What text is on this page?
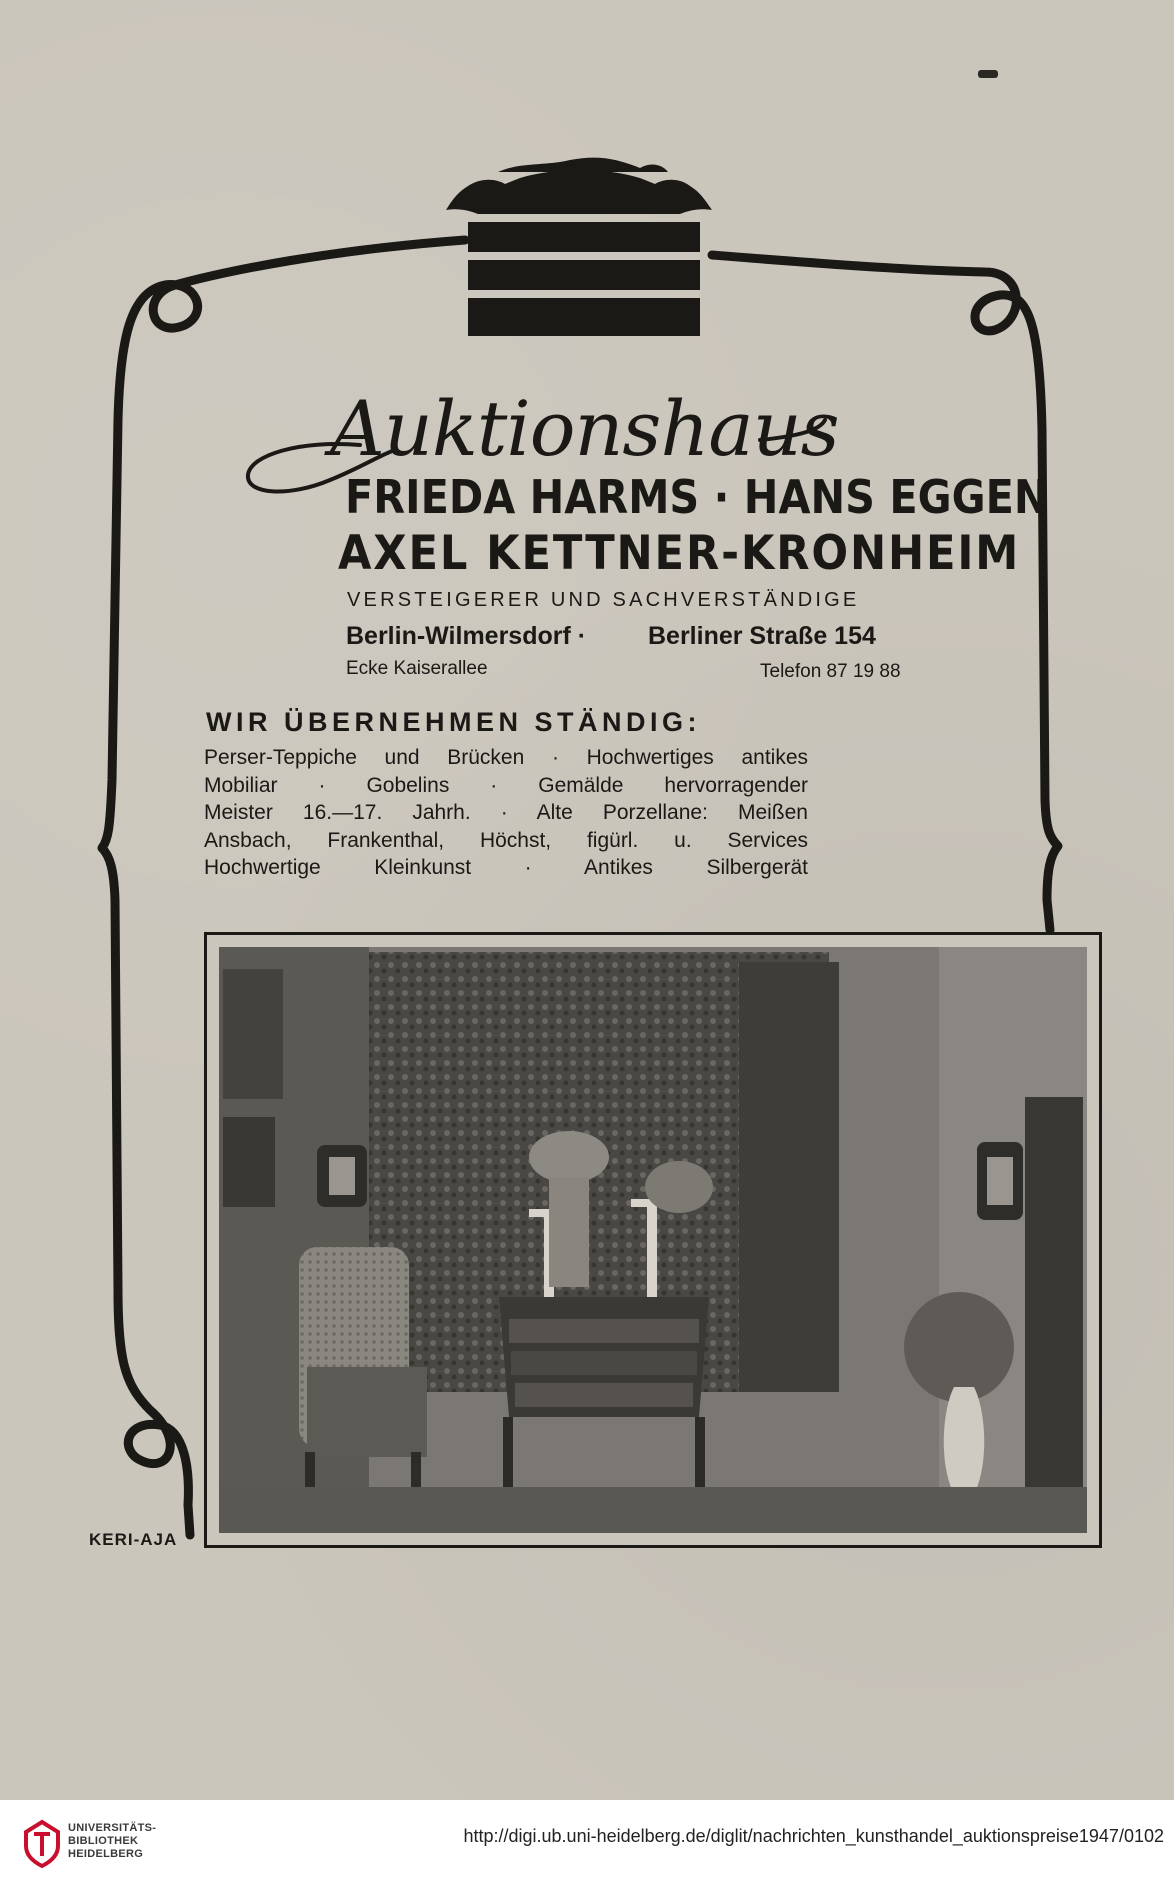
Auktionshaus
FRIEDA HARMS · HANS EGGEN
AXEL KETTNER-KRONHEIM
VERSTEIGERER UND SACHVERSTÄNDIGE
Berlin-Wilmersdorf · Berliner Straße 154
Ecke Kaiserallee	Telefon 87 19 88
WIR ÜBERNEHMEN STÄNDIG:
Perser-Teppiche und Brücken · Hochwertiges antikes
Mobiliar · Gobelins · Gemälde hervorragender
Meister 16.—17. Jahrh. · Alte Porzellane: Meißen
Ansbach, Frankenthal, Höchst, figürl. u. Services
Hochwertige Kleinkunst · Antikes Silbergerät
KERI-AJA
UNIVERSITÄTS-
BIBLIOTHEK
HEIDELBERG
http://digi.ub.uni-heidelberg.de/diglit/nachrichten_kunsthandel_auktionspreise1947/0102
